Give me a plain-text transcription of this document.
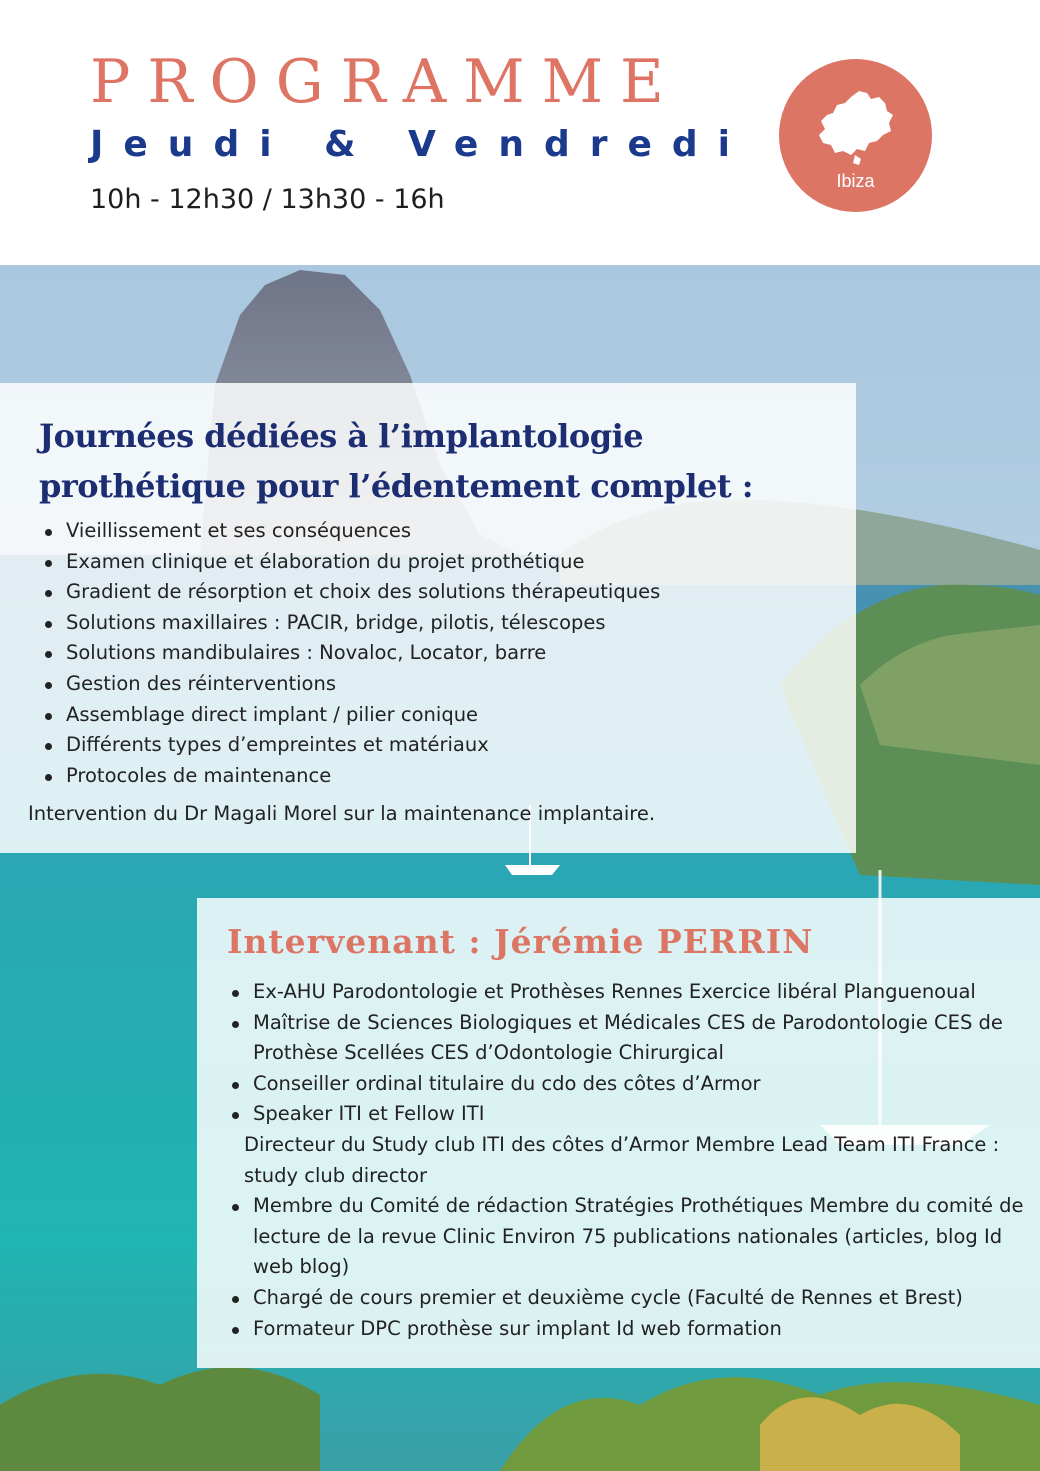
PROGRAMME

Jeudi & Vendredi

10h - 12h30 / 13h30 - 16h

Ibiza
Journées dédiées à l’implantologie prothétique pour l’édentement complet :
Vieillissement et ses conséquences
Examen clinique et élaboration du projet prothétique
Gradient de résorption et choix des solutions thérapeutiques
Solutions maxillaires : PACIR, bridge, pilotis, télescopes
Solutions mandibulaires : Novaloc, Locator, barre
Gestion des réinterventions
Assemblage direct implant / pilier conique
Différents types d’empreintes et matériaux
Protocoles de maintenance

Intervention du Dr Magali Morel sur la maintenance implantaire.

Intervenant : Jérémie PERRIN
Ex-AHU Parodontologie et Prothèses Rennes Exercice libéral Planguenoual
Maîtrise de Sciences Biologiques et Médicales CES de Parodontologie CES de Prothèse Scellées CES d’Odontologie Chirurgical
Conseiller ordinal titulaire du cdo des côtes d’Armor
Speaker ITI et Fellow ITI
Directeur du Study club ITI des côtes d’Armor Membre Lead Team ITI France : study club director
Membre du Comité de rédaction Stratégies Prothétiques Membre du comité de lecture de la revue Clinic Environ 75 publications nationales (articles, blog Id web blog)
Chargé de cours premier et deuxième cycle (Faculté de Rennes et Brest)
Formateur DPC prothèse sur implant Id web formation
